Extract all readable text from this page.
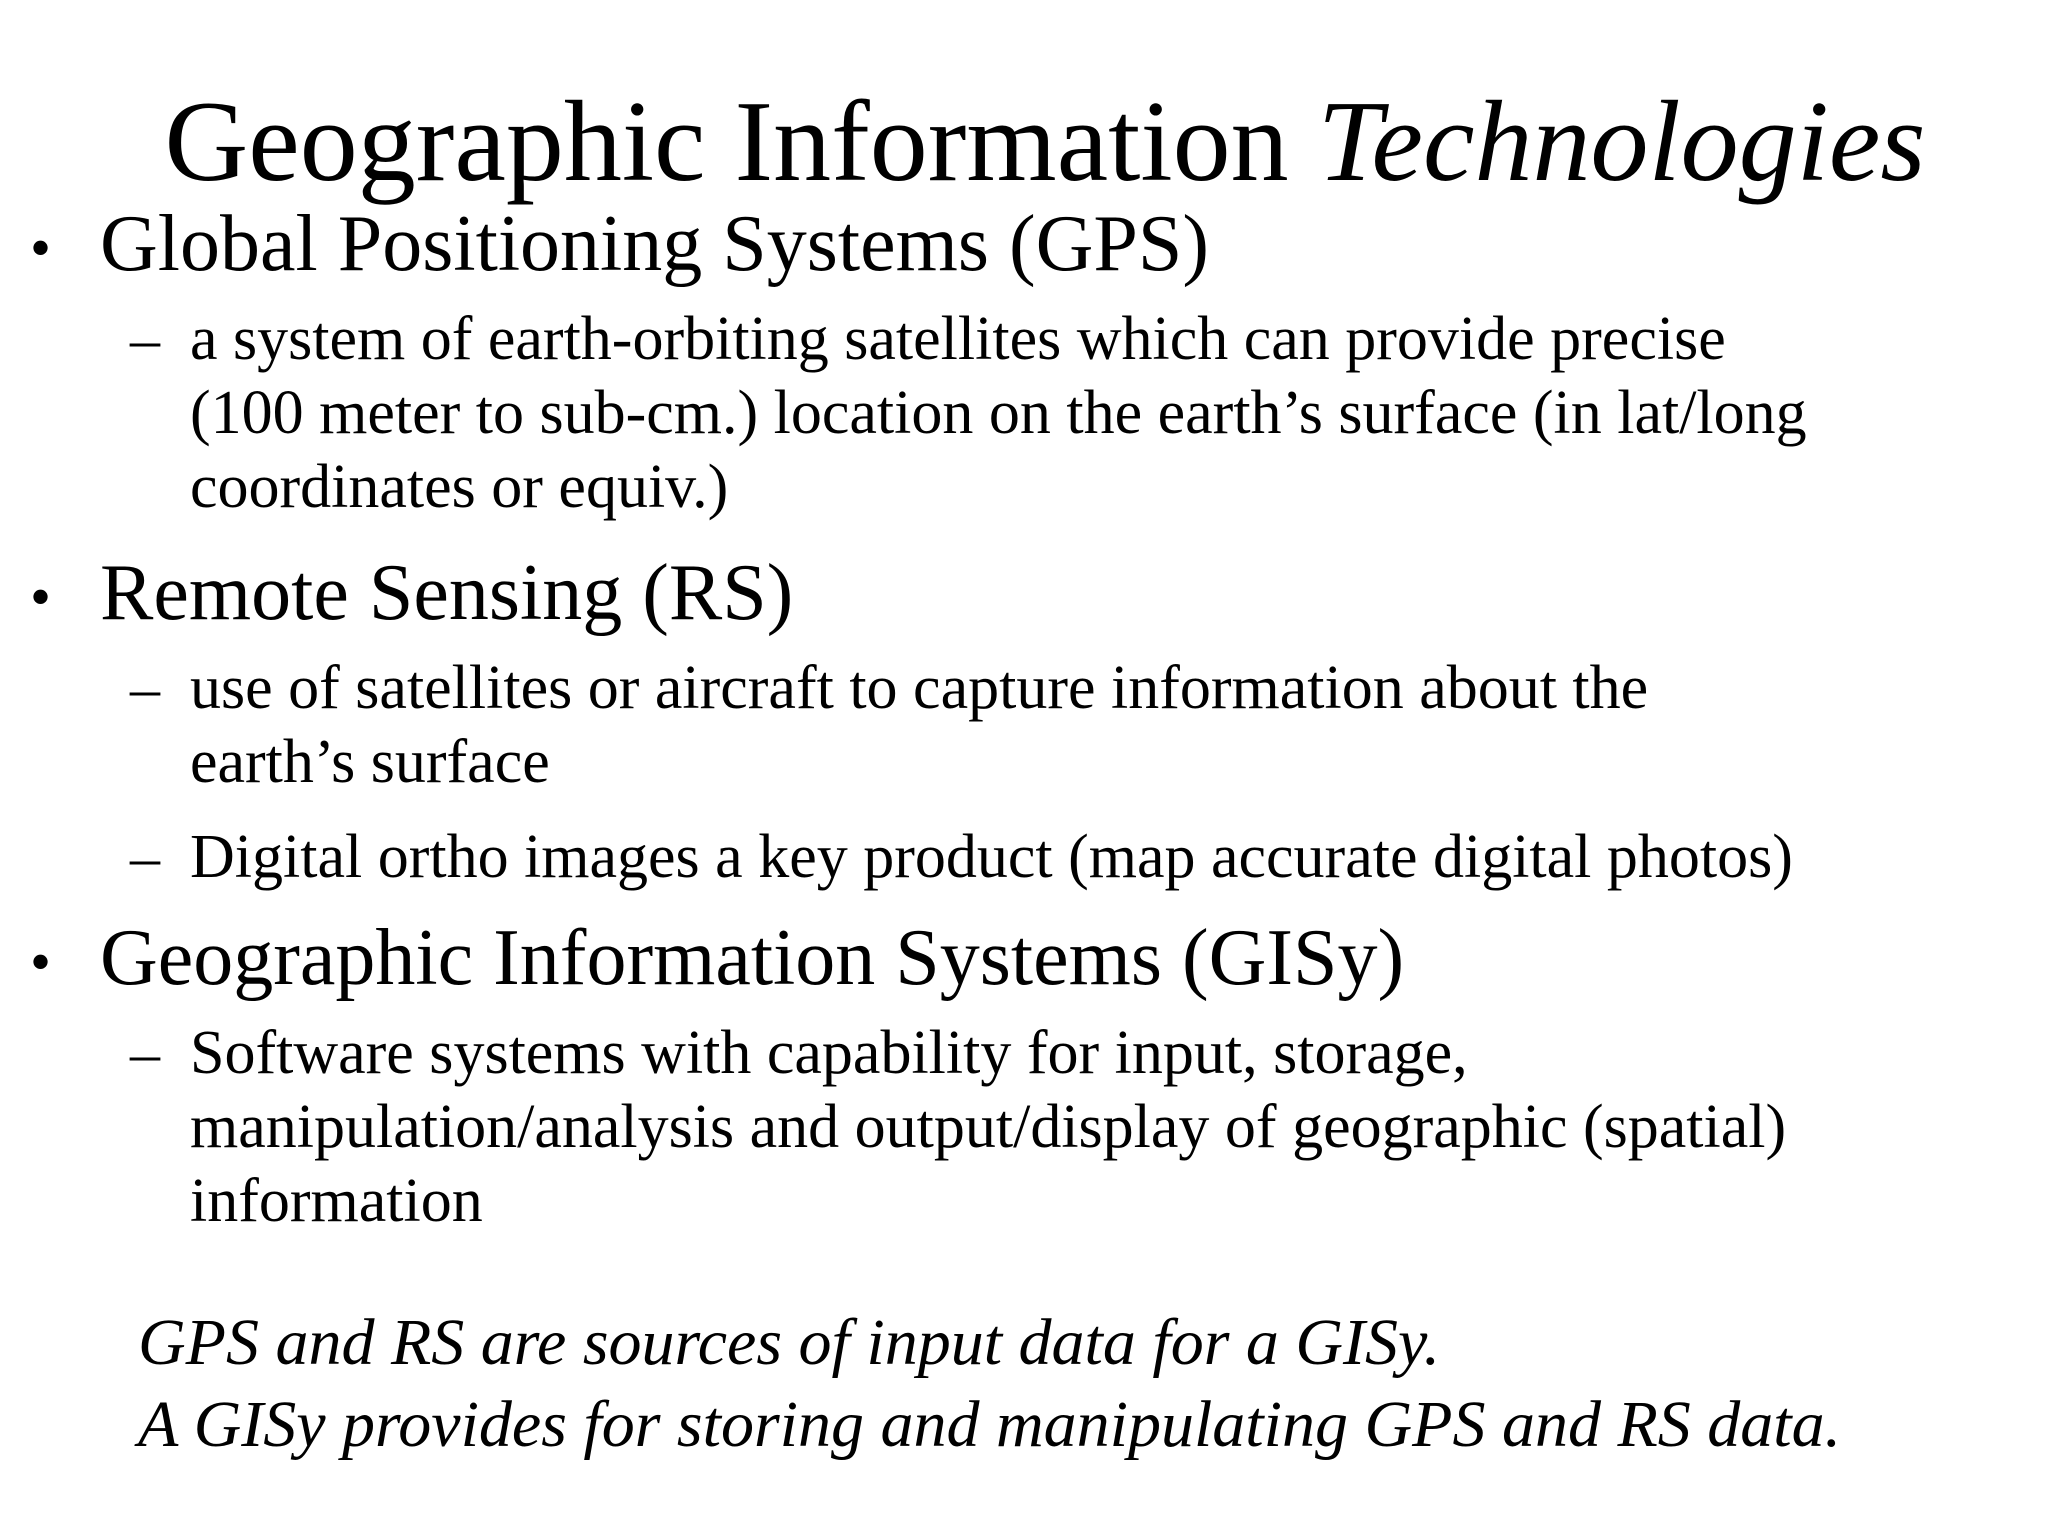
Geographic Information Technologies
• Global Positioning Systems (GPS)
– a system of earth-orbiting satellites which can provide precise
(100 meter to sub-cm.) location on the earth’s surface (in lat/long
coordinates or equiv.)
• Remote Sensing (RS)
– use of satellites or aircraft to capture information about the
earth’s surface
– Digital ortho images a key product (map accurate digital photos)
• Geographic Information Systems (GISy)
– Software systems with capability for input, storage,
manipulation/analysis and output/display of geographic (spatial)
information
GPS and RS are sources of input data for a GISy.
A GISy provides for storing and manipulating GPS and RS data.
